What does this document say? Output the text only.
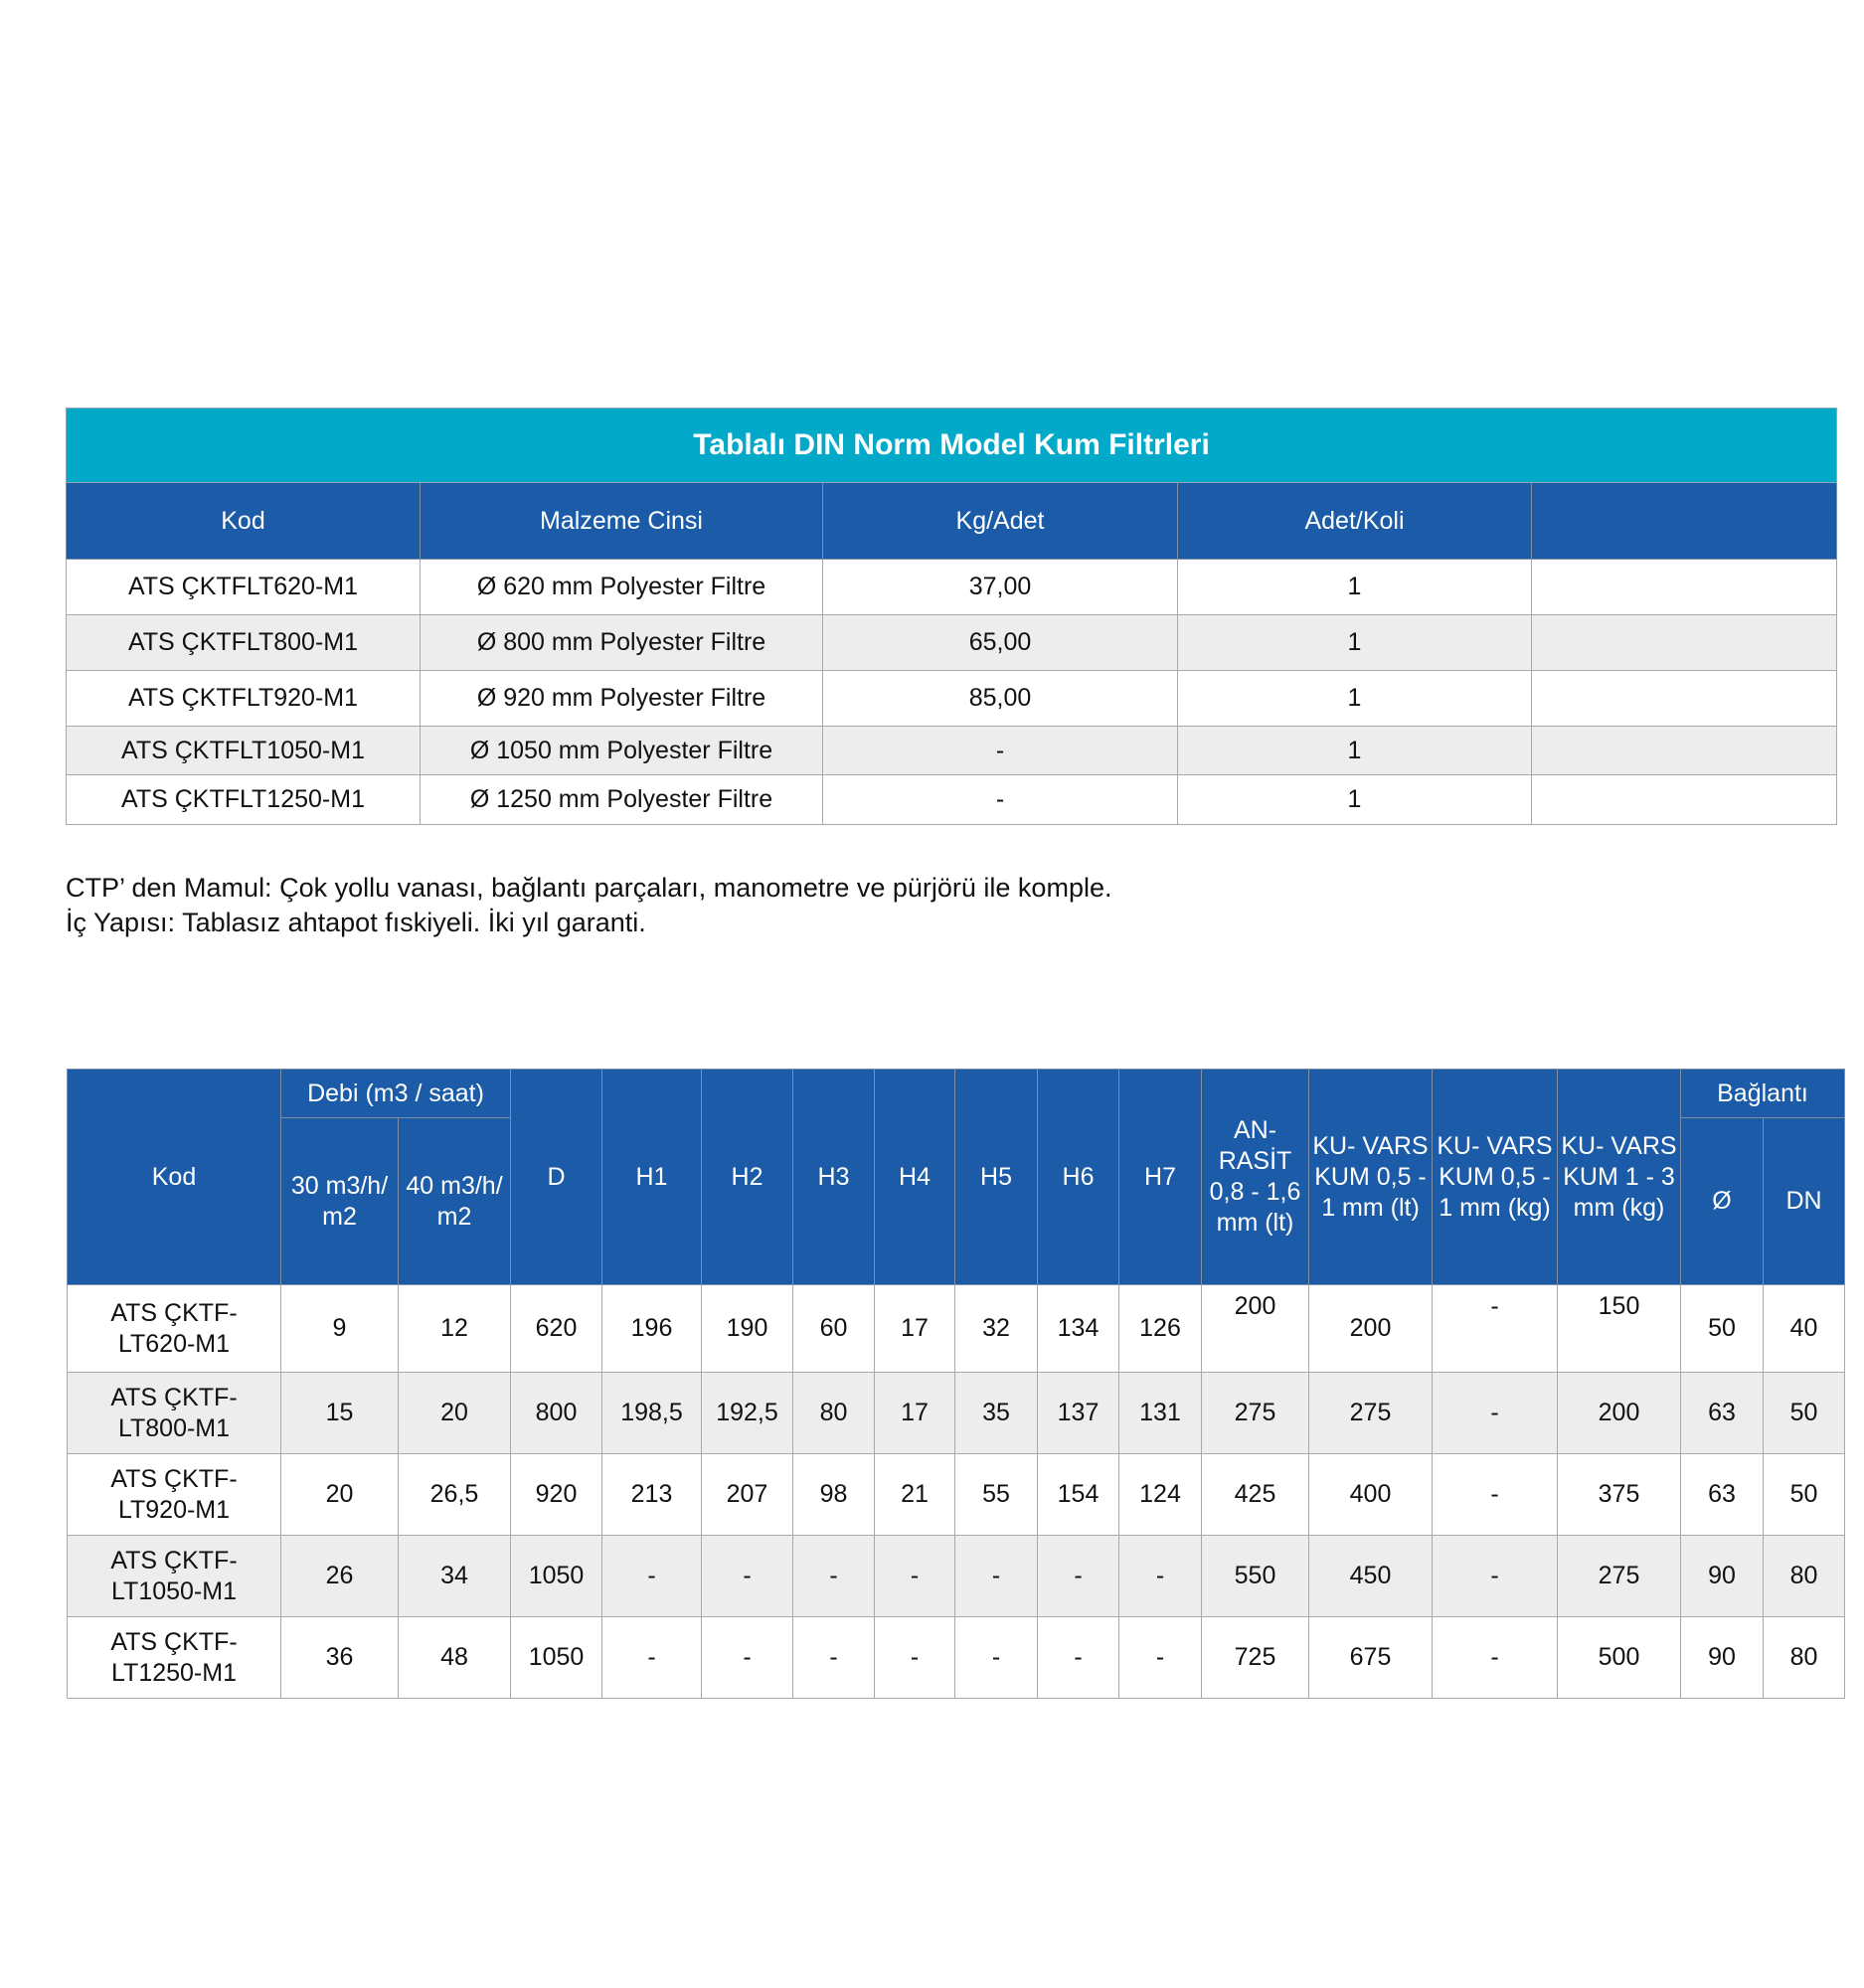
Tablalı DIN Norm Model Kum Filtrleri				
Kod	Malzeme Cinsi	Kg/Adet	Adet/Koli	
ATS ÇKTFLT620-M1	Ø 620 mm Polyester Filtre	37,00	1	
ATS ÇKTFLT800-M1	Ø 800 mm Polyester Filtre	65,00	1	
ATS ÇKTFLT920-M1	Ø 920 mm Polyester Filtre	85,00	1	
ATS ÇKTFLT1050-M1	Ø 1050 mm Polyester Filtre	-	1	
ATS ÇKTFLT1250-M1	Ø 1250 mm Polyester Filtre	-	1	
CTP’ den Mamul: Çok yollu vanası, bağlantı parçaları, manometre ve pürjörü ile komple.
İç Yapısı: Tablasız ahtapot fıskiyeli. İki yıl garanti.
Kod	Debi (m3 / saat)		D	H1	H2	H3	H4	H5	H6	H7	AN- RASİT 0,8 - 1,6 mm (lt)	KU- VARS KUM 0,5 - 1 mm (lt)	KU- VARS KUM 0,5 - 1 mm (kg)	KU- VARS KUM 1 - 3 mm (kg)	Bağlantı	
	30 m3/h/ m2	40 m3/h/ m2													Ø	DN
ATS ÇKTF- LT620-M1	9	12	620	196	190	60	17	32	134	126	200	200	-	150	50	40
ATS ÇKTF- LT800-M1	15	20	800	198,5	192,5	80	17	35	137	131	275	275	-	200	63	50
ATS ÇKTF- LT920-M1	20	26,5	920	213	207	98	21	55	154	124	425	400	-	375	63	50
ATS ÇKTF- LT1050-M1	26	34	1050	-	-	-	-	-	-	-	550	450	-	275	90	80
ATS ÇKTF- LT1250-M1	36	48	1050	-	-	-	-	-	-	-	725	675	-	500	90	80
